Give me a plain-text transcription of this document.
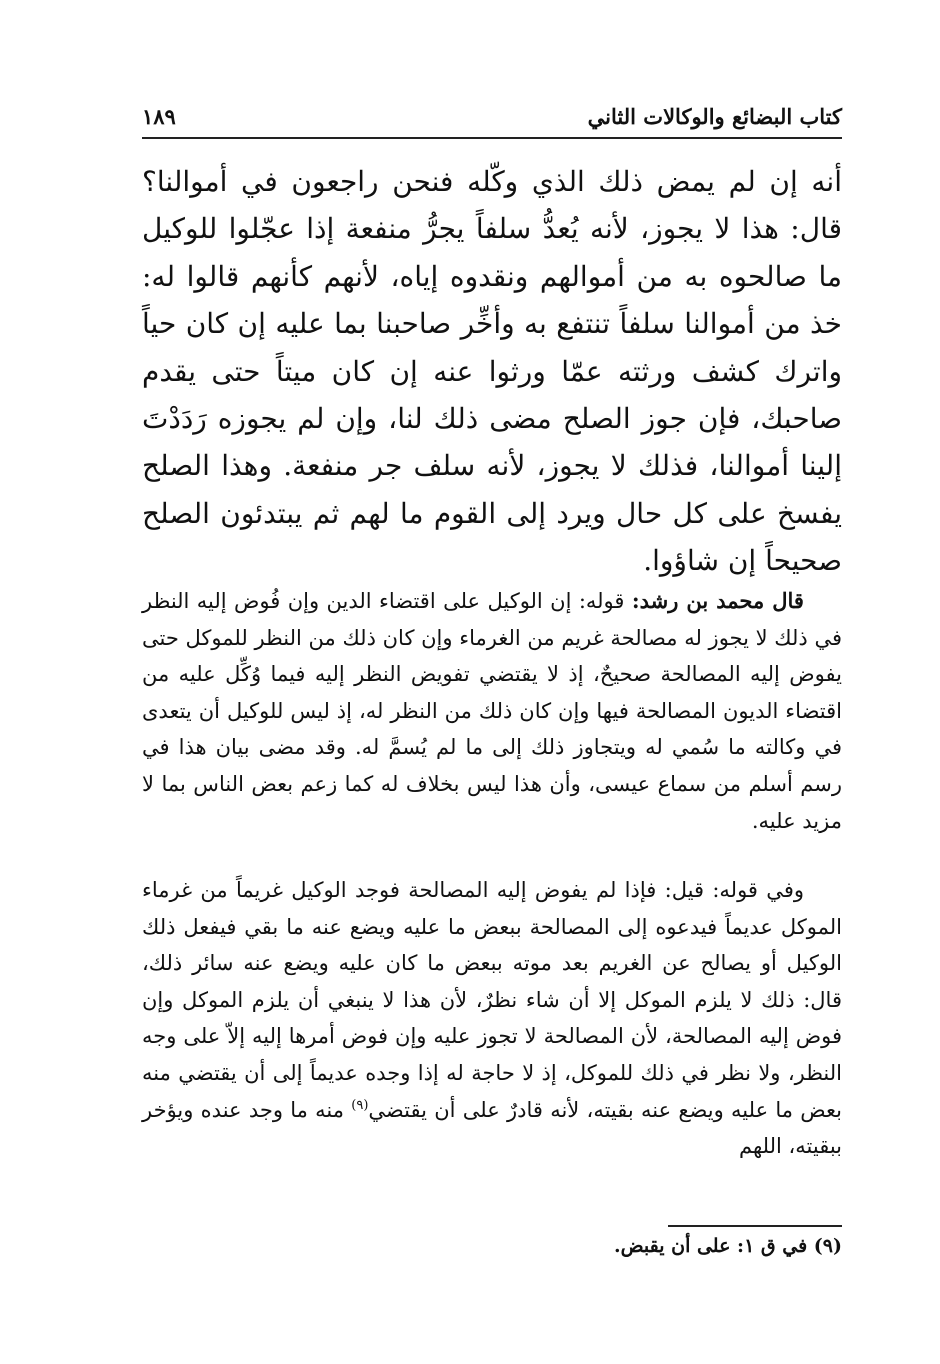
كتاب البضائع والوكالات الثاني
١٨٩

أنه إن لم يمض ذلك الذي وكّله فنحن راجعون في أموالنا؟ قال: هذا لا يجوز، لأنه يُعدُّ سلفاً يجرُّ منفعة إذا عجّلوا للوكيل ما صالحوه به من أموالهم ونقدوه إياه، لأنهم كأنهم قالوا له: خذ من أموالنا سلفاً تنتفع به وأخِّر صاحبنا بما عليه إن كان حياً واترك كشف ورثته عمّا ورثوا عنه إن كان ميتاً حتى يقدم صاحبك، فإن جوز الصلح مضى ذلك لنا، وإن لم يجوزه رَدَدْتَ إلينا أموالنا، فذلك لا يجوز، لأنه سلف جر منفعة. وهذا الصلح يفسخ على كل حال ويرد إلى القوم ما لهم ثم يبتدئون الصلح صحيحاً إن شاؤوا.

قال محمد بن رشد: قوله: إن الوكيل على اقتضاء الدين وإن فُوض إليه النظر في ذلك لا يجوز له مصالحة غريم من الغرماء وإن كان ذلك من النظر للموكل حتى يفوض إليه المصالحة صحيحٌ، إذ لا يقتضي تفويض النظر إليه فيما وُكِّل عليه من اقتضاء الديون المصالحة فيها وإن كان ذلك من النظر له، إذ ليس للوكيل أن يتعدى في وكالته ما سُمي له ويتجاوز ذلك إلى ما لم يُسمَّ له. وقد مضى بيان هذا في رسم أسلم من سماع عيسى، وأن هذا ليس بخلاف له كما زعم بعض الناس بما لا مزيد عليه.

وفي قوله: قيل: فإذا لم يفوض إليه المصالحة فوجد الوكيل غريماً من غرماء الموكل عديماً فيدعوه إلى المصالحة ببعض ما عليه ويضع عنه ما بقي فيفعل ذلك الوكيل أو يصالح عن الغريم بعد موته ببعض ما كان عليه ويضع عنه سائر ذلك، قال: ذلك لا يلزم الموكل إلا أن شاء نظرٌ، لأن هذا لا ينبغي أن يلزم الموكل وإن فوض إليه المصالحة، لأن المصالحة لا تجوز عليه وإن فوض أمرها إليه إلاّ على وجه النظر، ولا نظر في ذلك للموكل، إذ لا حاجة له إذا وجده عديماً إلى أن يقتضي منه بعض ما عليه ويضع عنه بقيته، لأنه قادرٌ على أن يقتضي$^{(٩)}$ منه ما وجد عنده ويؤخر ببقيته، اللهم

(٩) في ق ١: على أن يقبض.
